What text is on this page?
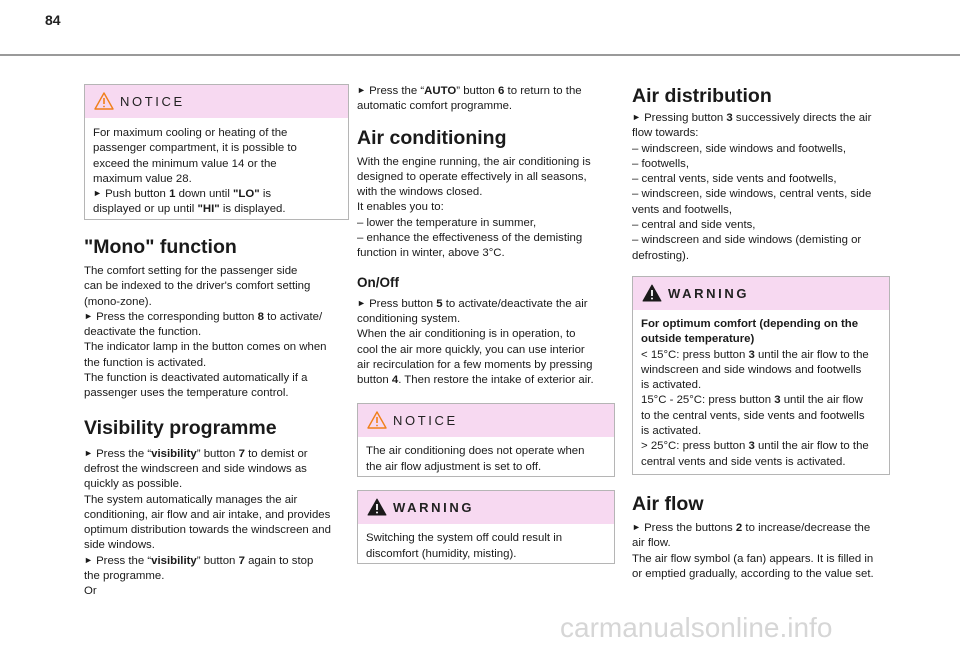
84
NOTICE

For maximum cooling or heating of the

passenger compartment, it is possible to

exceed the minimum value 14 or the

maximum value 28.

► Push button 1 down until "LO" is

displayed or up until "HI" is displayed.

"Mono" function

The comfort setting for the passenger side

can be indexed to the driver's comfort setting

(mono-zone).

► Press the corresponding button 8 to activate/

deactivate the function.

The indicator lamp in the button comes on when

the function is activated.

The function is deactivated automatically if a

passenger uses the temperature control.

Visibility programme

► Press the “visibility” button 7 to demist or

defrost the windscreen and side windows as

quickly as possible.

The system automatically manages the air

conditioning, air flow and air intake, and provides

optimum distribution towards the windscreen and

side windows.

► Press the “visibility” button 7 again to stop

the programme.

Or

► Press the “AUTO” button 6 to return to the

automatic comfort programme.

Air conditioning

With the engine running, the air conditioning is

designed to operate effectively in all seasons,

with the windows closed.

It enables you to:

– lower the temperature in summer,

– enhance the effectiveness of the demisting

function in winter, above 3°C.

On/Off

► Press button 5 to activate/deactivate the air

conditioning system.

When the air conditioning is in operation, to

cool the air more quickly, you can use interior

air recirculation for a few moments by pressing

button 4. Then restore the intake of exterior air.

NOTICE

The air conditioning does not operate when

the air flow adjustment is set to off.

WARNING

Switching the system off could result in

discomfort (humidity, misting).

Air distribution

► Pressing button 3 successively directs the air

flow towards:

– windscreen, side windows and footwells,

– footwells,

– central vents, side vents and footwells,

– windscreen, side windows, central vents, side

vents and footwells,

– central and side vents,

– windscreen and side windows (demisting or

defrosting).

WARNING

For optimum comfort (depending on the

outside temperature)

< 15°C: press button 3 until the air flow to the

windscreen and side windows and footwells

is activated.

15°C - 25°C: press button 3 until the air flow

to the central vents, side vents and footwells

is activated.

> 25°C: press button 3 until the air flow to the

central vents and side vents is activated.

Air flow

► Press the buttons 2 to increase/decrease the

air flow.

The air flow symbol (a fan) appears. It is filled in

or emptied gradually, according to the value set.

carmanualsonline.info
